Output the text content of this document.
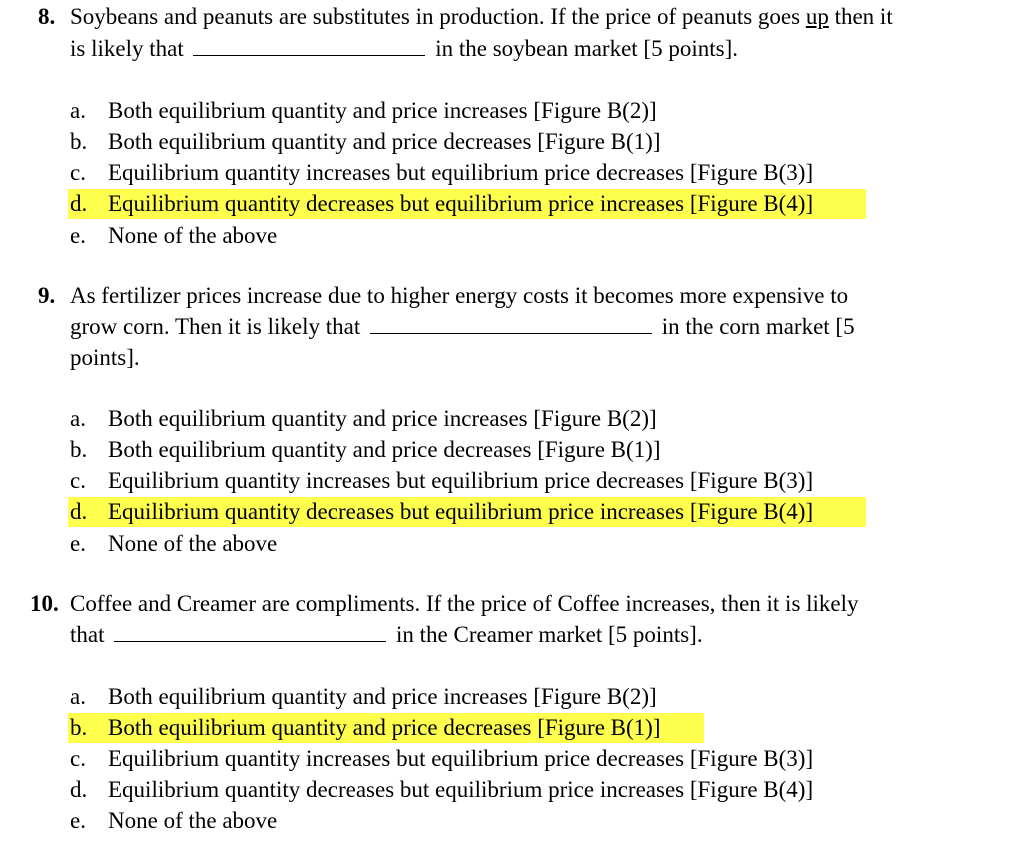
8. Soybeans and peanuts are substitutes in production. If the price of peanuts goes up then it
is likely that	in the soybean market [5 points].
a. Both equilibrium quantity and price increases [Figure B(2)]
b. Both equilibrium quantity and price decreases [Figure B(1)]
c. Equilibrium quantity increases but equilibrium price decreases [Figure B(3)]
d. Equilibrium quantity decreases but equilibrium price increases [Figure B(4)]
e. None of the above
9. As fertilizer prices increase due to higher energy costs it becomes more expensive to
grow corn. Then it is likely that	in the corn market [5
points].
a. Both equilibrium quantity and price increases [Figure B(2)]
b. Both equilibrium quantity and price decreases [Figure B(1)]
c. Equilibrium quantity increases but equilibrium price decreases [Figure B(3)]
d. Equilibrium quantity decreases but equilibrium price increases [Figure B(4)]
e. None of the above
10. Coffee and Creamer are compliments. If the price of Coffee increases, then it is likely
that	in the Creamer market [5 points].
a. Both equilibrium quantity and price increases [Figure B(2)]
b. Both equilibrium quantity and price decreases [Figure B(1)]
c. Equilibrium quantity increases but equilibrium price decreases [Figure B(3)]
d. Equilibrium quantity decreases but equilibrium price increases [Figure B(4)]
e. None of the above
